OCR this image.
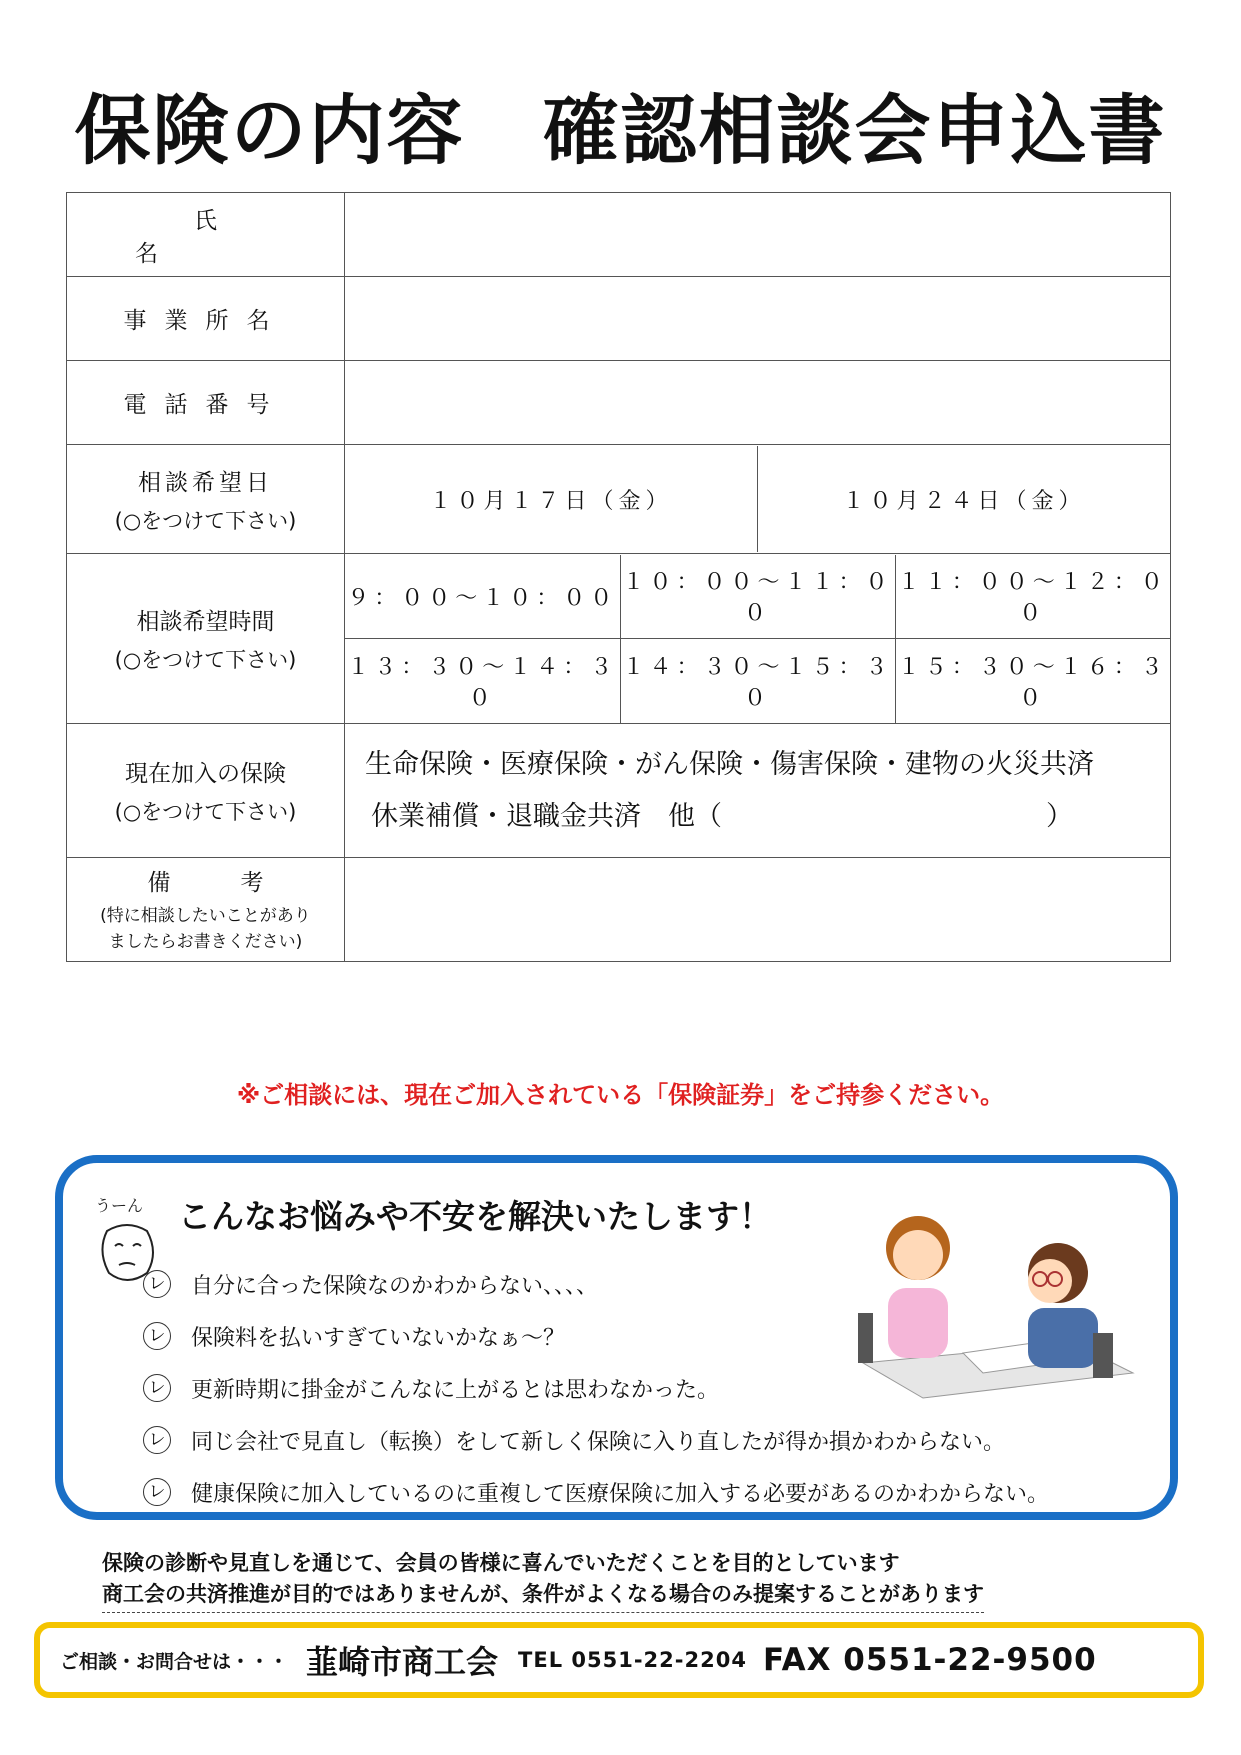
保険の内容　確認相談会申込書
氏名	
事業所名	
電話番号	
相談希望日
(○をつけて下さい)

１０月１７日（金）	１０月２４日（金）

相談希望時間
(○をつけて下さい)

９：００〜１０：００	１０：００〜１１：００	１１：００〜１２：００
１３：３０〜１４：３０	１４：３０〜１５：３０	１５：３０〜１６：３０

現在加入の保険
(○をつけて下さい)

生命保険・医療保険・がん保険・傷害保険・建物の火災共済
休業補償・退職金共済　他（　　　　　　　　　　　　）

備考
(特に相談したいことがあり
ましたらお書きください)

※ご相談には、現在ご加入されている「保険証券」をご持参ください。
うーん こんなお悩みや不安を解決いたします！
レ 自分に合った保険なのかわからない、、、、
レ 保険料を払いすぎていないかなぁ〜？
レ 更新時期に掛金がこんなに上がるとは思わなかった。
レ 同じ会社で見直し（転換）をして新しく保険に入り直したが得か損かわからない。
レ 健康保険に加入しているのに重複して医療保険に加入する必要があるのかわからない。
保険の診断や見直しを通じて、会員の皆様に喜んでいただくことを目的としています
商工会の共済推進が目的ではありませんが、条件がよくなる場合のみ提案することがあります
ご相談・お問合せは・・・ 韮崎市商工会 TEL 0551-22-2204 FAX 0551-22-9500
